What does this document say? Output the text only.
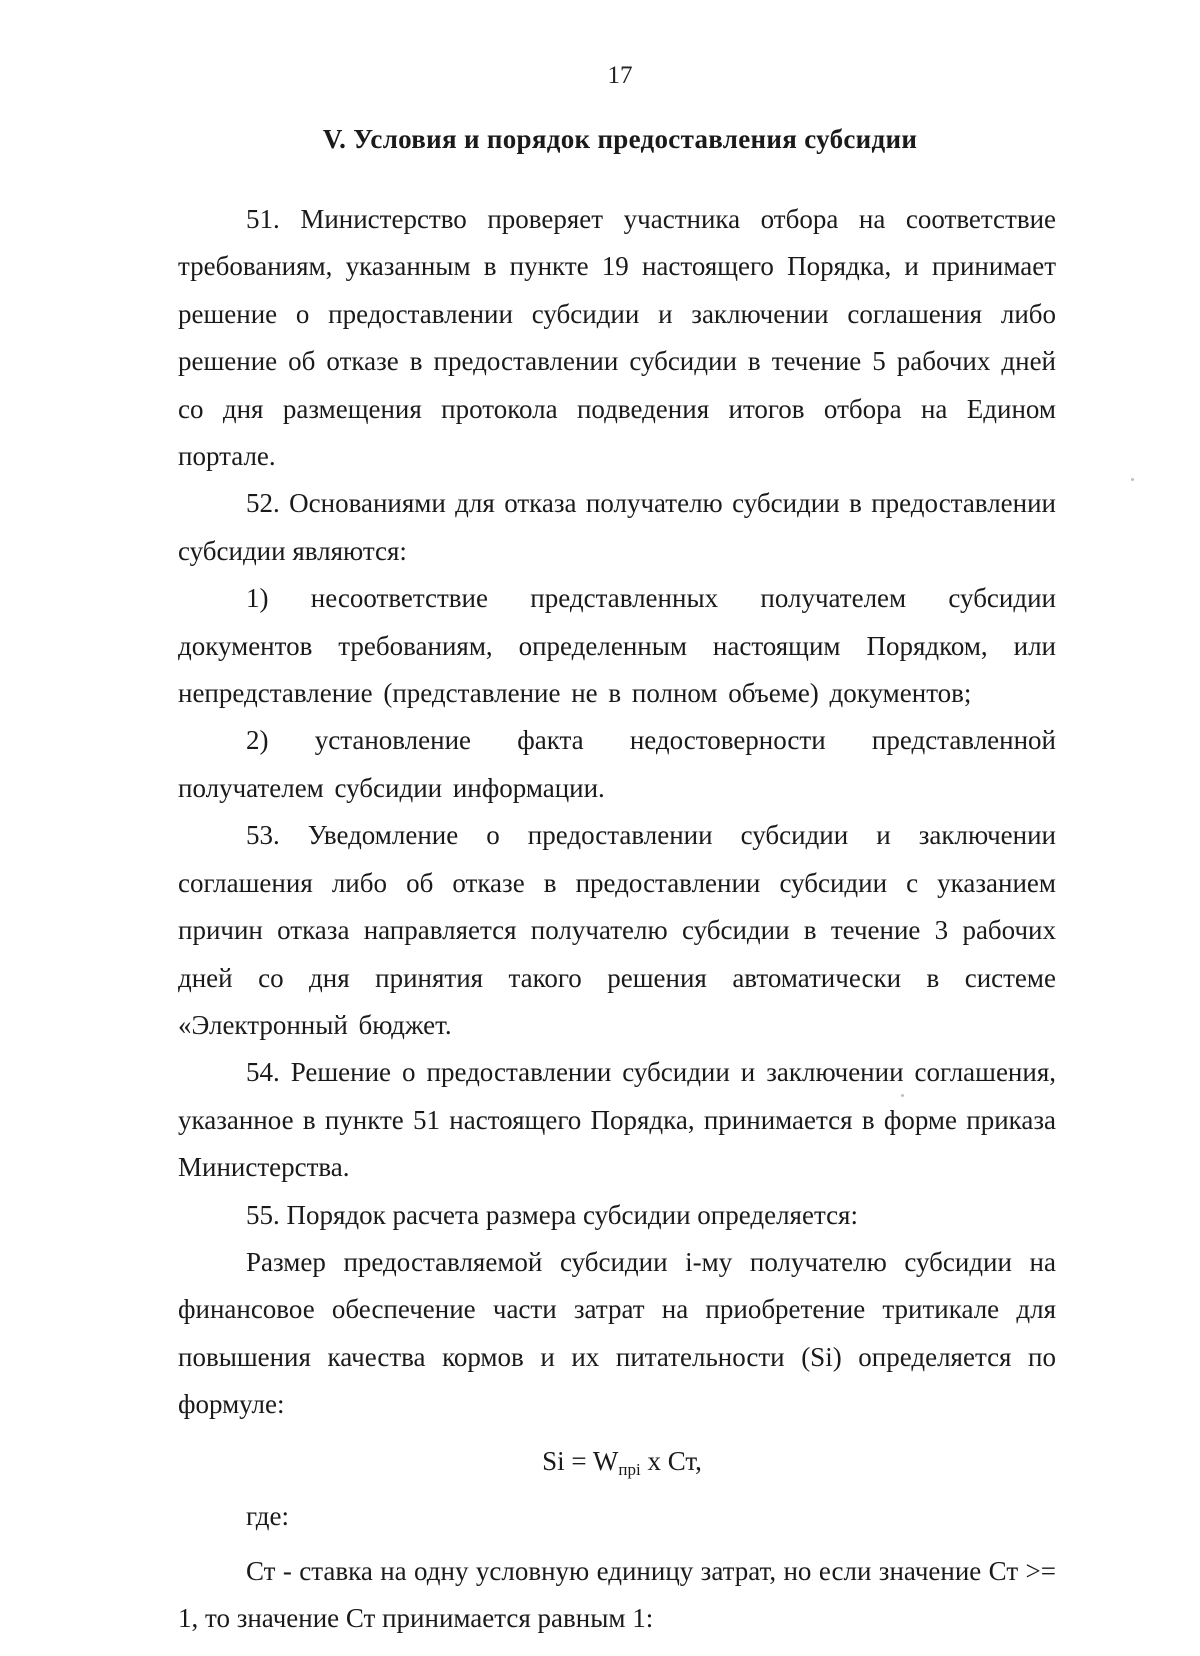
17
V. Условия и порядок предоставления субсидии

51. Министерство проверяет участника отбора на соответствие требованиям, указанным в пункте 19 настоящего Порядка, и принимает решение о предоставлении субсидии и заключении соглашения либо решение об отказе в предоставлении субсидии в течение 5 рабочих дней со дня размещения протокола подведения итогов отбора на Едином портале.

52. Основаниями для отказа получателю субсидии в предоставлении субсидии являются:

1) несоответствие представленных получателем субсидии документов требованиям, определенным настоящим Порядком, или непредставление (представление не в полном объеме) документов;

2) установление факта недостоверности представленной получателем субсидии информации.

53. Уведомление о предоставлении субсидии и заключении соглашения либо об отказе в предоставлении субсидии с указанием причин отказа направляется получателю субсидии в течение 3 рабочих дней со дня принятия такого решения автоматически в системе «Электронный бюджет.

54. Решение о предоставлении субсидии и заключении соглашения, указанное в пункте 51 настоящего Порядка, принимается в форме приказа Министерства.

55. Порядок расчета размера субсидии определяется:

Размер предоставляемой субсидии i-му получателю субсидии на финансовое обеспечение части затрат на приобретение тритикале для повышения качества кормов и их питательности (Si) определяется по формуле:

$Si = W_{прі}$ х Ст,

где:

Ст - ставка на одну условную единицу затрат, но если значение Ст >= 1, то значение Ст принимается равным 1:
